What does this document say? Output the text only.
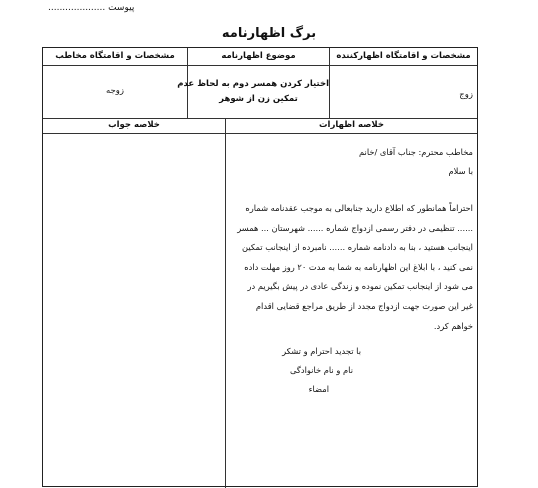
پیوست ....................
برگ اظهارنامه
مشخصات و اقامتگاه اظهارکننده
موضوع اظهارنامه
مشخصات و اقامتگاه مخاطب
زوج
اختیار کردن همسر دوم به لحاظ عدم
تمکین زن از شوهر
زوجه
خلاصه اظهارات
خلاصه جواب
مخاطب محترم: جناب آقای /خانم
با سلام
احتراماً همانطور که اطلاع دارید جنابعالی به موجب عقدنامه شماره
...... تنظیمی در دفتر رسمی ازدواج شماره ...... شهرستان ... همسر
اینجانب هستید ، بنا به دادنامه شماره ...... نامبرده از اینجانب تمکین
نمی کنید ، با ابلاغ این اظهارنامه به شما به مدت ۲۰ روز مهلت داده
می شود از اینجانب تمکین نموده و زندگی عادی در پیش بگیریم در
غیر این صورت جهت ازدواج مجدد از طریق مراجع قضایی اقدام
خواهم کرد.
با تجدید احترام و تشکر
نام و نام خانوادگی
امضاء
